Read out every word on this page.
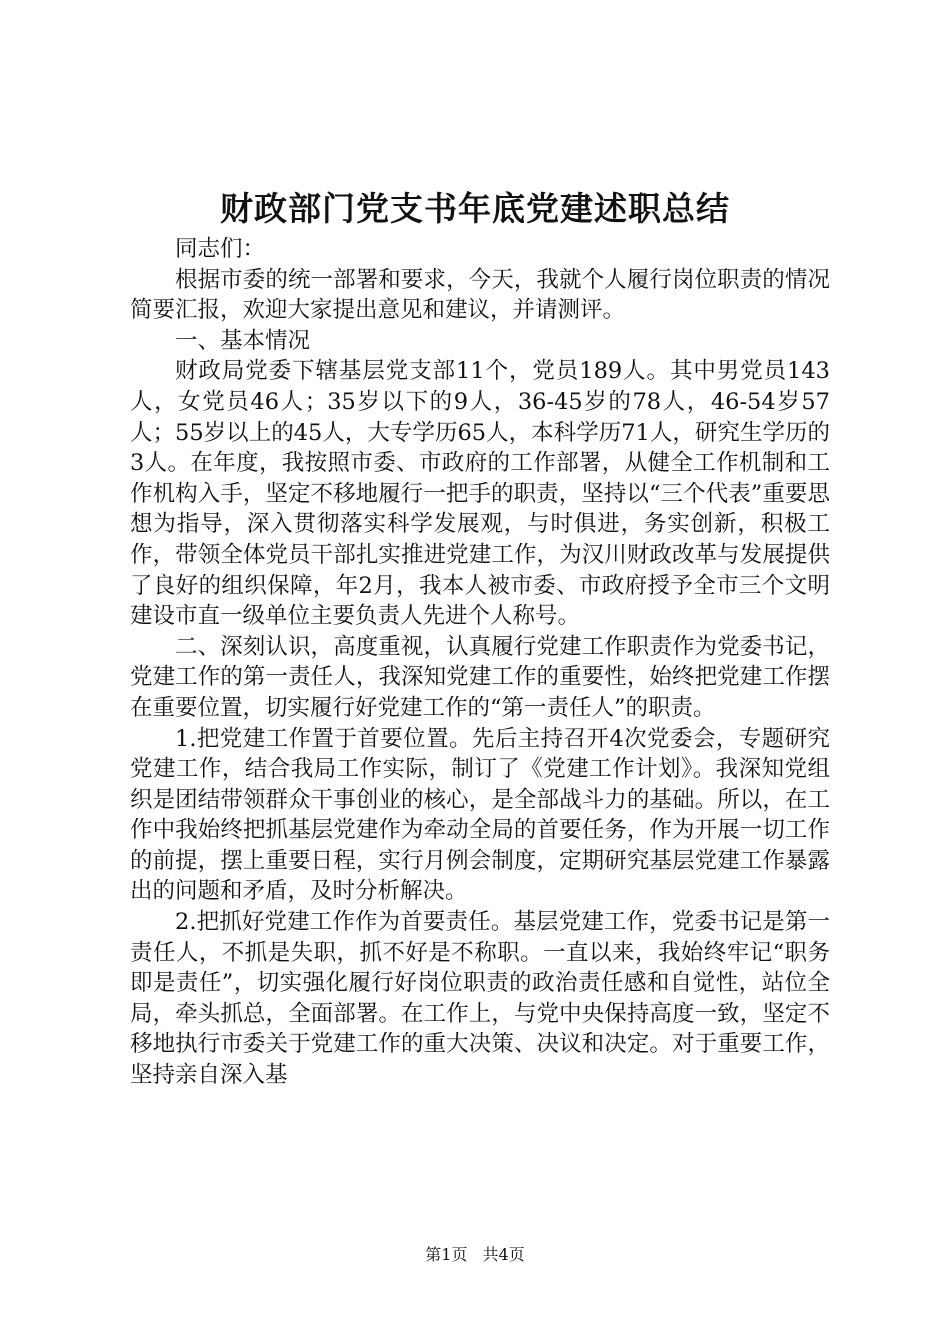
财政部门党支书年底党建述职总结

同志们：

根据市委的统一部署和要求，今天，我就个人履行岗位职责的情况简要汇报，欢迎大家提出意见和建议，并请测评。

一、基本情况

财政局党委下辖基层党支部11个，党员189人。其中男党员143人，女党员46人；35岁以下的9人，36-45岁的78人，46-54岁57人；55岁以上的45人，大专学历65人，本科学历71人，研究生学历的3人。在年度，我按照市委、市政府的工作部署，从健全工作机制和工作机构入手，坚定不移地履行一把手的职责，坚持以“三个代表”重要思想为指导，深入贯彻落实科学发展观，与时俱进，务实创新，积极工作，带领全体党员干部扎实推进党建工作，为汉川财政改革与发展提供了良好的组织保障，年2月，我本人被市委、市政府授予全市三个文明建设市直一级单位主要负责人先进个人称号。

二、深刻认识，高度重视，认真履行党建工作职责作为党委书记，党建工作的第一责任人，我深知党建工作的重要性，始终把党建工作摆在重要位置，切实履行好党建工作的“第一责任人”的职责。

1.把党建工作置于首要位置。先后主持召开4次党委会，专题研究党建工作，结合我局工作实际，制订了《党建工作计划》。我深知党组织是团结带领群众干事创业的核心，是全部战斗力的基础。所以，在工作中我始终把抓基层党建作为牵动全局的首要任务，作为开展一切工作的前提，摆上重要日程，实行月例会制度，定期研究基层党建工作暴露出的问题和矛盾，及时分析解决。

2.把抓好党建工作作为首要责任。基层党建工作，党委书记是第一责任人，不抓是失职，抓不好是不称职。一直以来，我始终牢记“职务即是责任”，切实强化履行好岗位职责的政治责任感和自觉性，站位全局，牵头抓总，全面部署。在工作上，与党中央保持高度一致，坚定不移地执行市委关于党建工作的重大决策、决议和决定。对于重要工作，坚持亲自深入基

第1页 共4页
